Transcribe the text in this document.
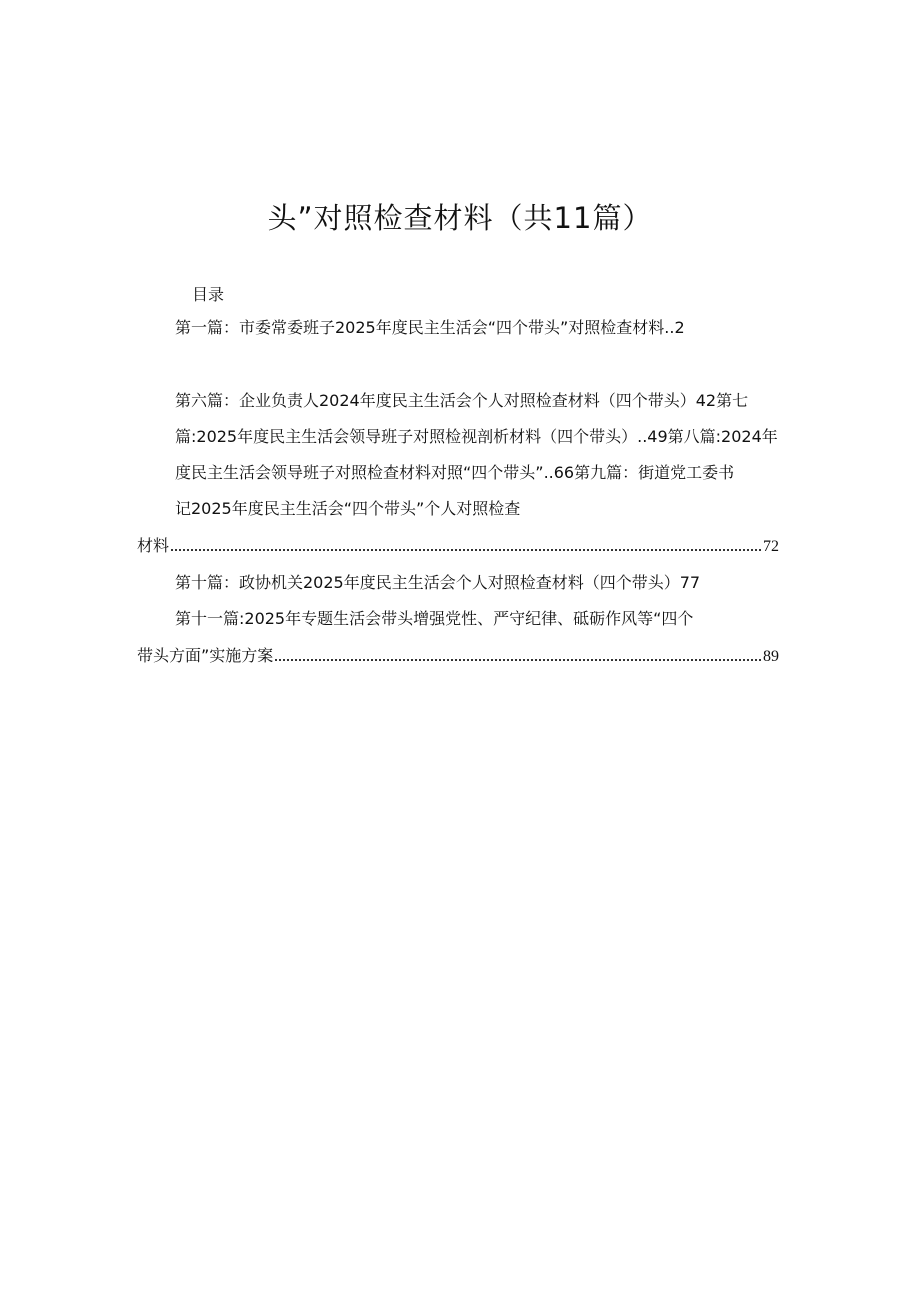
头”对照检查材料（共11篇）
目录
第一篇：市委常委班子2025年度民主生活会“四个带头”对照检查材料..2
第六篇：企业负责人2024年度民主生活会个人对照检查材料（四个带头）42第七
篇:2025年度民主生活会领导班子对照检视剖析材料（四个带头）..49第八篇:2024年
度民主生活会领导班子对照检查材料对照“四个带头”..66第九篇：街道党工委书
记2025年度民主生活会“四个带头”个人对照检查
材料	72
第十篇：政协机关2025年度民主生活会个人对照检查材料（四个带头）77
第十一篇:2025年专题生活会带头增强党性、严守纪律、砥砺作风等“四个
带头方面”实施方案	89
